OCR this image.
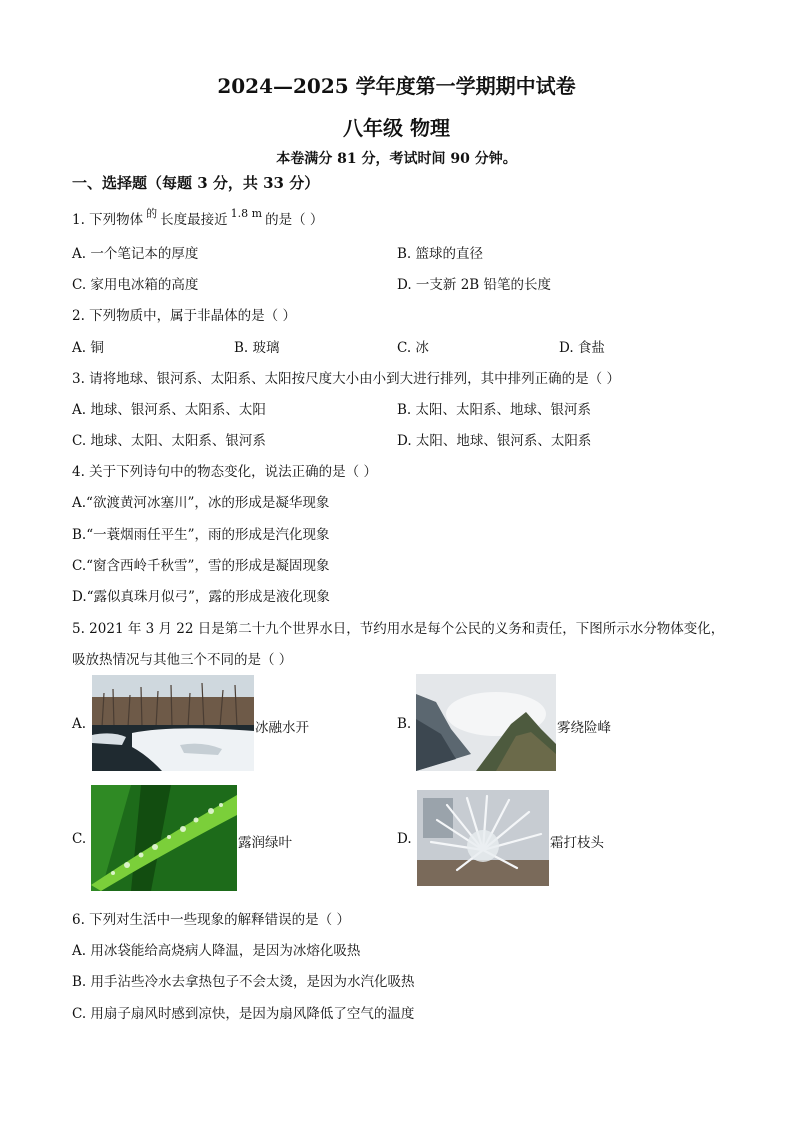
2024—2025 学年度第一学期期中试卷
八年级 物理
本卷满分 81 分，考试时间 90 分钟。
一、选择题（每题 3 分，共 33 分）
1. 下列物体 $^的$ 长度最接近 $^{1.8 m}$ 的是（ ）
A. 一个笔记本的厚度	B. 篮球的直径
C. 家用电冰箱的高度	D. 一支新 2B 铅笔的长度
2. 下列物质中，属于非晶体的是（ ）
A. 铜	B. 玻璃	C. 冰	D. 食盐
3. 请将地球、银河系、太阳系、太阳按尺度大小由小到大进行排列，其中排列正确的是（ ）
A. 地球、银河系、太阳系、太阳	B. 太阳、太阳系、地球、银河系
C. 地球、太阳、太阳系、银河系	D. 太阳、地球、银河系、太阳系
4. 关于下列诗句中的物态变化，说法正确的是（ ）
A.“欲渡黄河冰塞川”，冰的形成是凝华现象
B.“一蓑烟雨任平生”，雨的形成是汽化现象
C.“窗含西岭千秋雪”，雪的形成是凝固现象
D.“露似真珠月似弓”，露的形成是液化现象
5. 2021 年 3 月 22 日是第二十九个世界水日，节约用水是每个公民的义务和责任，下图所示水分物体变化，
吸放热情况与其他三个不同的是（ ）
A.	冰融水开	B.	雾绕险峰
C.	露润绿叶	D.	霜打枝头
6. 下列对生活中一些现象的解释错误的是（ ）
A. 用冰袋能给高烧病人降温，是因为冰熔化吸热
B. 用手沾些冷水去拿热包子不会太烫，是因为水汽化吸热
C. 用扇子扇风时感到凉快，是因为扇风降低了空气的温度
